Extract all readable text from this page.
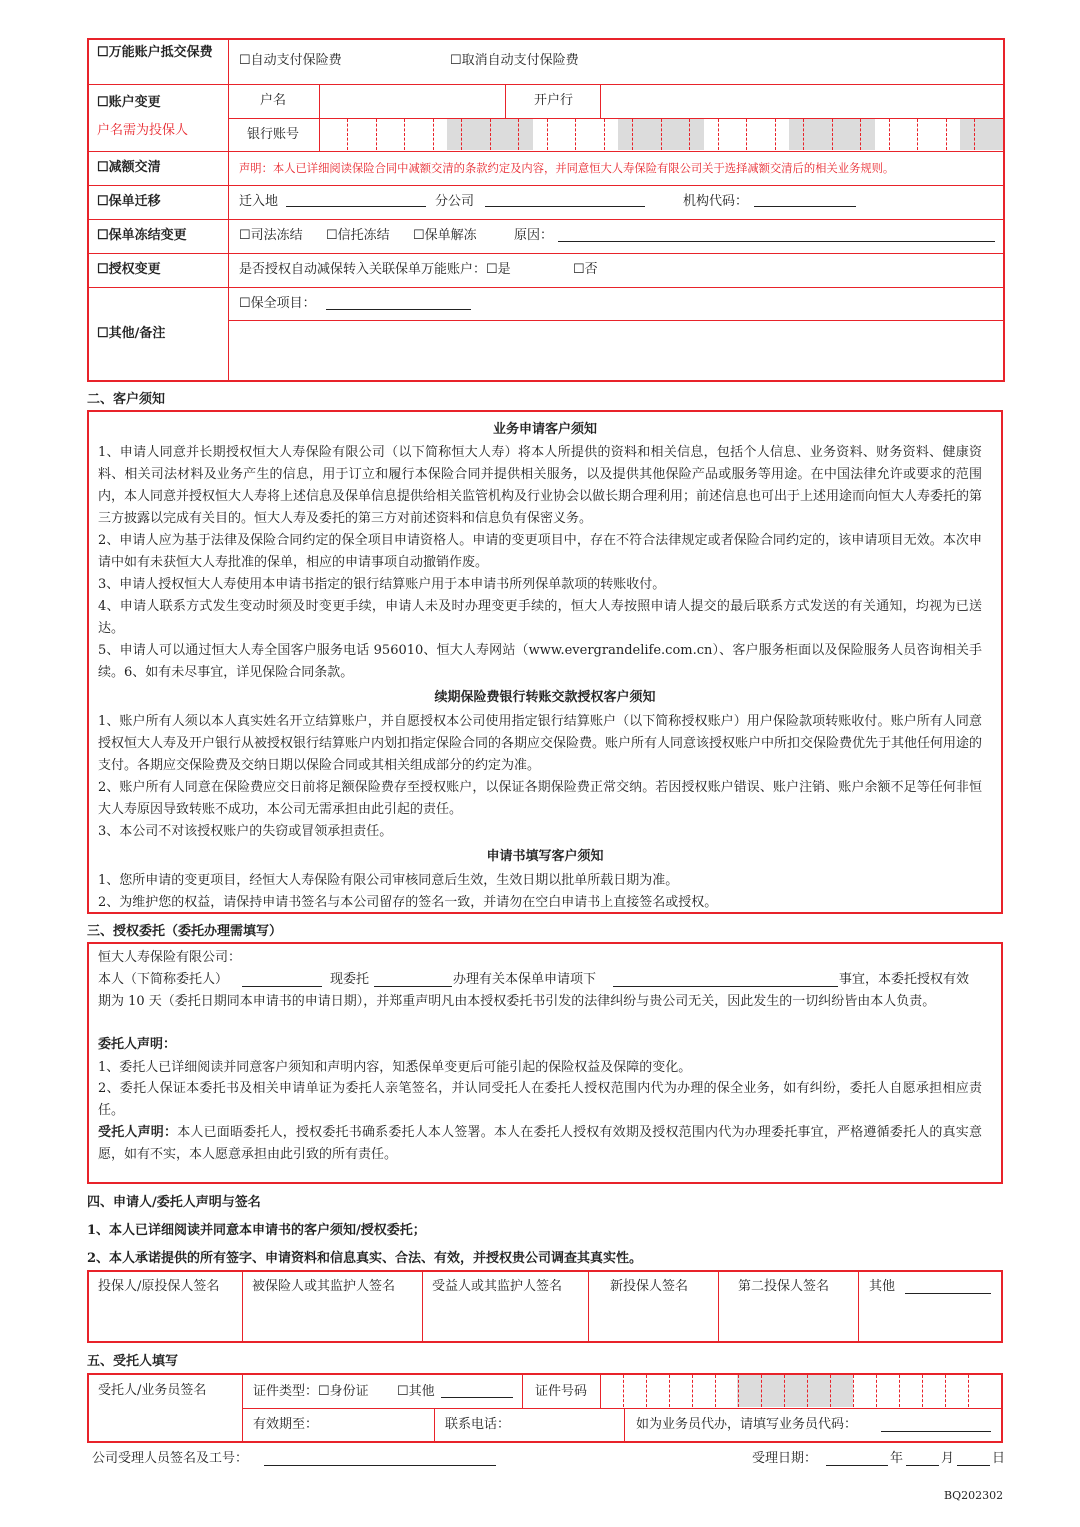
☐万能账户抵交保费
☐自动支付保险费	☐取消自动支付保险费
☐账户变更
户名需为投保人
户名	开户行
银行账号
☐减额交清	声明：本人已详细阅读保险合同中减额交清的条款约定及内容，并同意恒大人寿保险有限公司关于选择减额交清后的相关业务规则。
☐保单迁移	迁入地	分公司	机构代码：
☐保单冻结变更	☐司法冻结 ☐信托冻结 ☐保单解冻	原因：
☐授权变更	是否授权自动减保转入关联保单万能账户：☐是	☐否
☐其他/备注
☐保全项目：
二、客户须知
业务申请客户须知
1、申请人同意并长期授权恒大人寿保险有限公司（以下简称恒大人寿）将本人所提供的资料和相关信息，包括个人信息、业务资料、财务资料、健康资料、相关司法材料及业务产生的信息，用于订立和履行本保险合同并提供相关服务，以及提供其他保险产品或服务等用途。在中国法律允许或要求的范围内，本人同意并授权恒大人寿将上述信息及保单信息提供给相关监管机构及行业协会以做长期合理利用；前述信息也可出于上述用途而向恒大人寿委托的第三方披露以完成有关目的。恒大人寿及委托的第三方对前述资料和信息负有保密义务。
2、申请人应为基于法律及保险合同约定的保全项目申请资格人。申请的变更项目中，存在不符合法律规定或者保险合同约定的，该申请项目无效。本次申请中如有未获恒大人寿批准的保单，相应的申请事项自动撤销作废。
3、申请人授权恒大人寿使用本申请书指定的银行结算账户用于本申请书所列保单款项的转账收付。
4、申请人联系方式发生变动时须及时变更手续，申请人未及时办理变更手续的，恒大人寿按照申请人提交的最后联系方式发送的有关通知，均视为已送达。
5、申请人可以通过恒大人寿全国客户服务电话 956010、恒大人寿网站（www.evergrandelife.com.cn）、客户服务柜面以及保险服务人员咨询相关手续。6、如有未尽事宜，详见保险合同条款。
续期保险费银行转账交款授权客户须知
1、账户所有人须以本人真实姓名开立结算账户，并自愿授权本公司使用指定银行结算账户（以下简称授权账户）用户保险款项转账收付。账户所有人同意授权恒大人寿及开户银行从被授权银行结算账户内划扣指定保险合同的各期应交保险费。账户所有人同意该授权账户中所扣交保险费优先于其他任何用途的支付。各期应交保险费及交纳日期以保险合同或其相关组成部分的约定为准。
2、账户所有人同意在保险费应交日前将足额保险费存至授权账户，以保证各期保险费正常交纳。若因授权账户错误、账户注销、账户余额不足等任何非恒大人寿原因导致转账不成功，本公司无需承担由此引起的责任。
3、本公司不对该授权账户的失窃或冒领承担责任。
申请书填写客户须知
1、您所申请的变更项目，经恒大人寿保险有限公司审核同意后生效，生效日期以批单所载日期为准。
2、为维护您的权益，请保持申请书签名与本公司留存的签名一致，并请勿在空白申请书上直接签名或授权。
三、授权委托（委托办理需填写）
恒大人寿保险有限公司：
本人（下简称委托人）	现委托	办理有关本保单申请项下	事宜，本委托授权有效
期为 10 天（委托日期同本申请书的申请日期），并郑重声明凡由本授权委托书引发的法律纠纷与贵公司无关，因此发生的一切纠纷皆由本人负责。
委托人声明：
1、委托人已详细阅读并同意客户须知和声明内容，知悉保单变更后可能引起的保险权益及保障的变化。
2、委托人保证本委托书及相关申请单证为委托人亲笔签名，并认同受托人在委托人授权范围内代为办理的保全业务，如有纠纷，委托人自愿承担相应责任。
受托人声明：本人已面晤委托人，授权委托书确系委托人本人签署。本人在委托人授权有效期及授权范围内代为办理委托事宜，严格遵循委托人的真实意愿，如有不实，本人愿意承担由此引致的所有责任。
四、申请人/委托人声明与签名
1、本人已详细阅读并同意本申请书的客户须知/授权委托；
2、本人承诺提供的所有签字、申请资料和信息真实、合法、有效，并授权贵公司调查其真实性。
投保人/原投保人签名	被保险人或其监护人签名	受益人或其监护人签名	新投保人签名	第二投保人签名	其他
五、受托人填写
受托人/业务员签名	证件类型：☐身份证 ☐其他	证件号码
有效期至：	联系电话：	如为业务员代办，请填写业务员代码：
公司受理人员签名及工号：	受理日期：	年	月	日
BQ202302
